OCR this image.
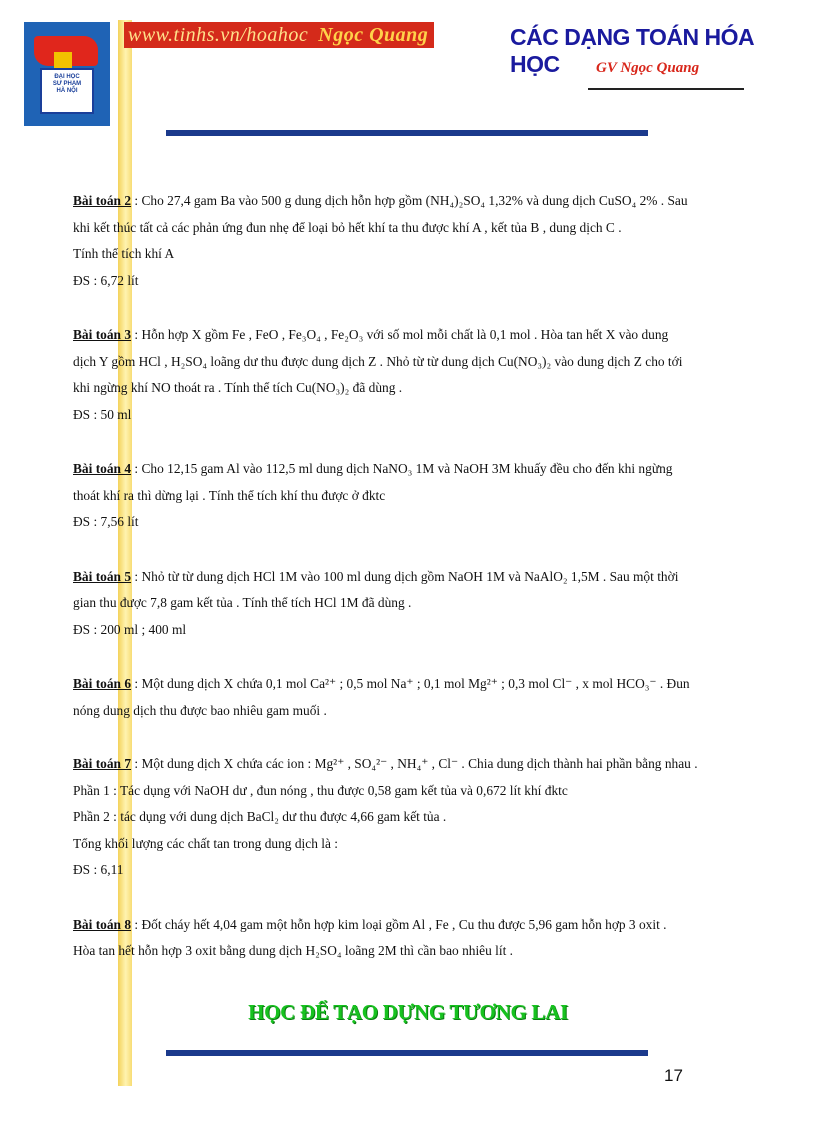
ĐẠI HỌC
SƯ PHẠM
HÀ NỘI
www.tinhs.vn/hoahoc Ngọc Quang	CÁC DẠNG TOÁN HÓA HỌC	GV Ngọc Quang

Bài toán 2 : Cho 27,4 gam Ba vào 500 g dung dịch hỗn hợp gồm (NH₄)₂SO₄ 1,32% và dung dịch CuSO₄ 2% . Sau

khi kết thúc tất cả các phản ứng đun nhẹ để loại bỏ hết khí ta thu được khí A , kết tủa B , dung dịch C .

Tính thể tích khí A

ĐS : 6,72 lít

Bài toán 3 : Hỗn hợp X gồm Fe , FeO , Fe₃O₄ , Fe₂O₃ với số mol mỗi chất là 0,1 mol . Hòa tan hết X vào dung

dịch Y gồm HCl , H₂SO₄ loãng dư thu được dung dịch Z . Nhỏ từ từ dung dịch Cu(NO₃)₂ vào dung dịch Z cho tới

khi ngừng khí NO thoát ra . Tính thể tích Cu(NO₃)₂ đã dùng .

ĐS : 50 ml

Bài toán 4 : Cho 12,15 gam Al vào 112,5 ml dung dịch NaNO₃ 1M và NaOH 3M khuấy đều cho đến khi ngừng

thoát khí ra thì dừng lại . Tính thể tích khí thu được ở đktc

ĐS : 7,56 lít

Bài toán 5 : Nhỏ từ từ dung dịch HCl 1M vào 100 ml dung dịch gồm NaOH 1M và NaAlO₂ 1,5M . Sau một thời

gian thu được 7,8 gam kết tủa . Tính thể tích HCl 1M đã dùng .

ĐS : 200 ml ; 400 ml

Bài toán 6 : Một dung dịch X chứa 0,1 mol Ca²⁺ ; 0,5 mol Na⁺ ; 0,1 mol Mg²⁺ ; 0,3 mol Cl⁻ , x mol HCO₃⁻ . Đun

nóng dung dịch thu được bao nhiêu gam muối .

Bài toán 7 : Một dung dịch X chứa các ion : Mg²⁺ , SO₄²⁻ , NH₄⁺ , Cl⁻ . Chia dung dịch thành hai phần bằng nhau .

Phần 1 : Tác dụng với NaOH dư , đun nóng , thu được 0,58 gam kết tủa và 0,672 lít khí đktc

Phần 2 : tác dụng với dung dịch BaCl₂ dư thu được 4,66 gam kết tủa .

Tổng khối lượng các chất tan trong dung dịch là :

ĐS : 6,11

Bài toán 8 : Đốt cháy hết 4,04 gam một hỗn hợp kim loại gồm Al , Fe , Cu thu được 5,96 gam hỗn hợp 3 oxit .

Hòa tan hết hỗn hợp 3 oxit bằng dung dịch H₂SO₄ loãng 2M thì cần bao nhiêu lít .

HỌC ĐỂ TẠO DỰNG TƯƠNG LAI
17
